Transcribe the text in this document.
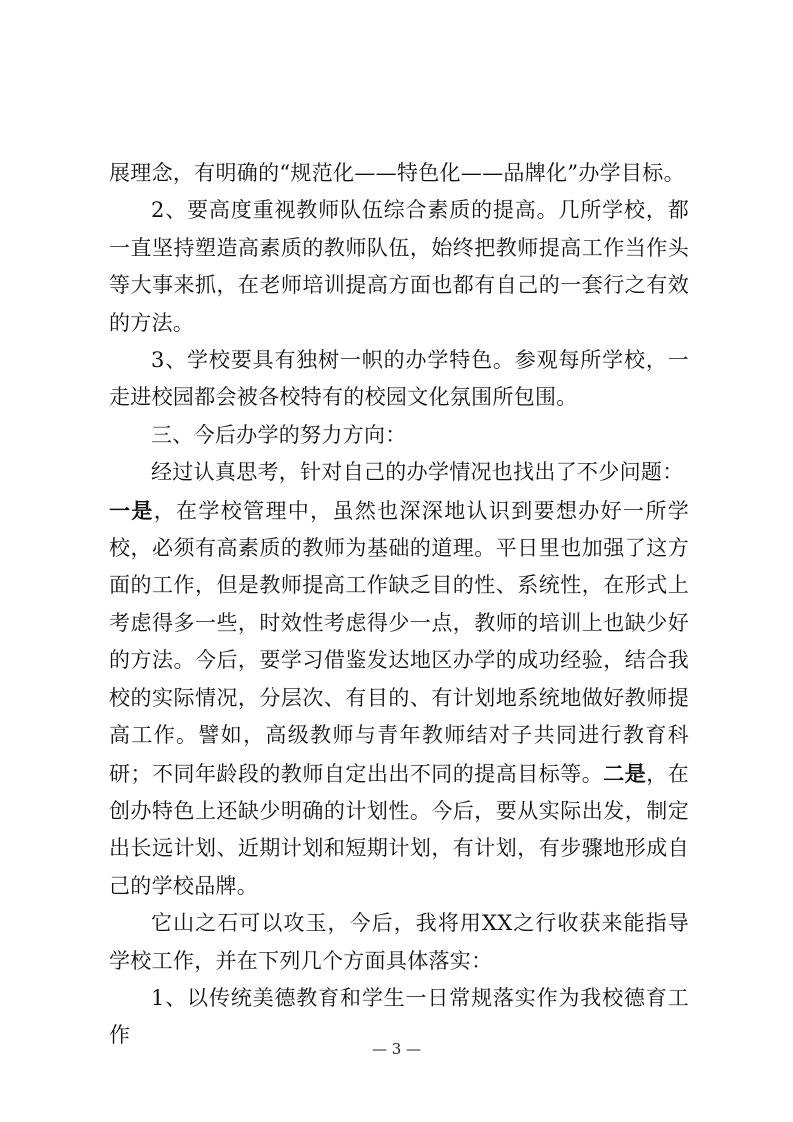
展理念，有明确的“规范化——特色化——品牌化”办学目标。

2、要高度重视教师队伍综合素质的提高。几所学校，都一直坚持塑造高素质的教师队伍，始终把教师提高工作当作头等大事来抓，在老师培训提高方面也都有自己的一套行之有效的方法。

3、学校要具有独树一帜的办学特色。参观每所学校，一走进校园都会被各校特有的校园文化氛围所包围。

三、今后办学的努力方向：

经过认真思考，针对自己的办学情况也找出了不少问题：

一是，在学校管理中，虽然也深深地认识到要想办好一所学校，必须有高素质的教师为基础的道理。平日里也加强了这方面的工作，但是教师提高工作缺乏目的性、系统性，在形式上考虑得多一些，时效性考虑得少一点，教师的培训上也缺少好的方法。今后，要学习借鉴发达地区办学的成功经验，结合我校的实际情况，分层次、有目的、有计划地系统地做好教师提高工作。譬如，高级教师与青年教师结对子共同进行教育科研；不同年龄段的教师自定出出不同的提高目标等。二是，在创办特色上还缺少明确的计划性。今后，要从实际出发，制定出长远计划、近期计划和短期计划，有计划，有步骤地形成自己的学校品牌。

它山之石可以攻玉，今后，我将用XX之行收获来能指导学校工作，并在下列几个方面具体落实：

1、以传统美德教育和学生一日常规落实作为我校德育工作

— 3 —
